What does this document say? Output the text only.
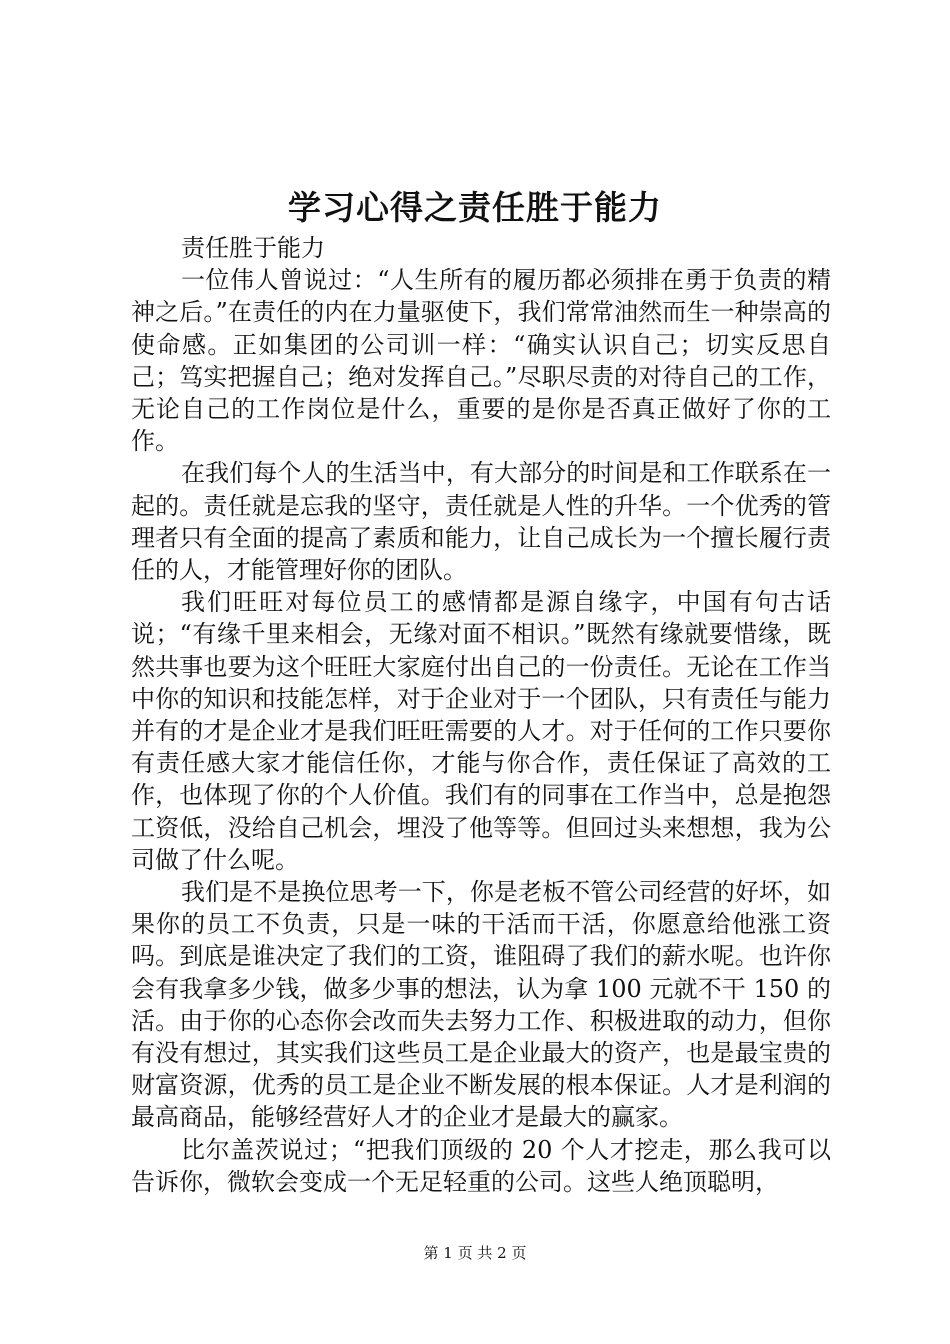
学习心得之责任胜于能力

责任胜于能力

一位伟人曾说过：“人生所有的履历都必须排在勇于负责的精神之后。”在责任的内在力量驱使下，我们常常油然而生一种崇高的使命感。正如集团的公司训一样：“确实认识自己；切实反思自己；笃实把握自己；绝对发挥自己。”尽职尽责的对待自己的工作，无论自己的工作岗位是什么，重要的是你是否真正做好了你的工作。

在我们每个人的生活当中，有大部分的时间是和工作联系在一起的。责任就是忘我的坚守，责任就是人性的升华。一个优秀的管理者只有全面的提高了素质和能力，让自己成长为一个擅长履行责任的人，才能管理好你的团队。

我们旺旺对每位员工的感情都是源自缘字，中国有句古话说；“有缘千里来相会，无缘对面不相识。”既然有缘就要惜缘，既然共事也要为这个旺旺大家庭付出自己的一份责任。无论在工作当中你的知识和技能怎样，对于企业对于一个团队，只有责任与能力并有的才是企业才是我们旺旺需要的人才。对于任何的工作只要你有责任感大家才能信任你，才能与你合作，责任保证了高效的工作，也体现了你的个人价值。我们有的同事在工作当中，总是抱怨工资低，没给自己机会，埋没了他等等。但回过头来想想，我为公司做了什么呢。

我们是不是换位思考一下，你是老板不管公司经营的好坏，如果你的员工不负责，只是一味的干活而干活，你愿意给他涨工资吗。到底是谁决定了我们的工资，谁阻碍了我们的薪水呢。也许你会有我拿多少钱，做多少事的想法，认为拿 100 元就不干 150 的活。由于你的心态你会改而失去努力工作、积极进取的动力，但你有没有想过，其实我们这些员工是企业最大的资产，也是最宝贵的财富资源，优秀的员工是企业不断发展的根本保证。人才是利润的最高商品，能够经营好人才的企业才是最大的赢家。

比尔盖茨说过；“把我们顶级的 20 个人才挖走，那么我可以告诉你，微软会变成一个无足轻重的公司。这些人绝顶聪明，

第 1 页 共 2 页
